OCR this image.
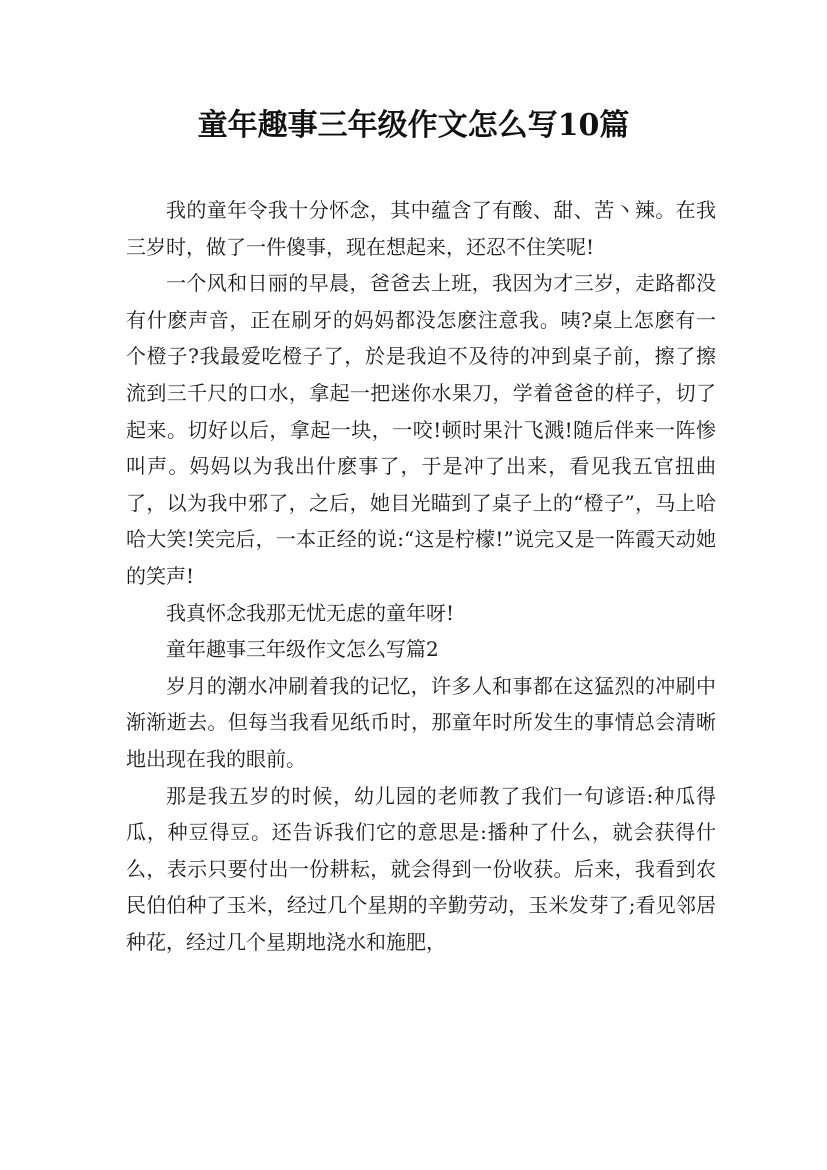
童年趣事三年级作文怎么写10篇

我的童年令我十分怀念，其中蕴含了有酸、甜、苦丶辣。在我三岁时，做了一件傻事，现在想起来，还忍不住笑呢!

一个风和日丽的早晨，爸爸去上班，我因为才三岁，走路都没有什麽声音，正在刷牙的妈妈都没怎麽注意我。咦?桌上怎麽有一个橙子?我最爱吃橙子了，於是我迫不及待的冲到桌子前，擦了擦流到三千尺的口水，拿起一把迷你水果刀，学着爸爸的样子，切了起来。切好以后，拿起一块，一咬!顿时果汁飞溅!随后伴来一阵惨叫声。妈妈以为我出什麽事了，于是冲了出来，看见我五官扭曲了，以为我中邪了，之后，她目光瞄到了桌子上的“橙子”，马上哈哈大笑!笑完后，一本正经的说:“这是柠檬!”说完又是一阵霞天动她的笑声!

我真怀念我那无忧无虑的童年呀!

童年趣事三年级作文怎么写篇2

岁月的潮水冲刷着我的记忆，许多人和事都在这猛烈的冲刷中渐渐逝去。但每当我看见纸币时，那童年时所发生的事情总会清晰地出现在我的眼前。

那是我五岁的时候，幼儿园的老师教了我们一句谚语:种瓜得瓜，种豆得豆。还告诉我们它的意思是:播种了什么，就会获得什么，表示只要付出一份耕耘，就会得到一份收获。后来，我看到农民伯伯种了玉米，经过几个星期的辛勤劳动，玉米发芽了;看见邻居种花，经过几个星期地浇水和施肥，
